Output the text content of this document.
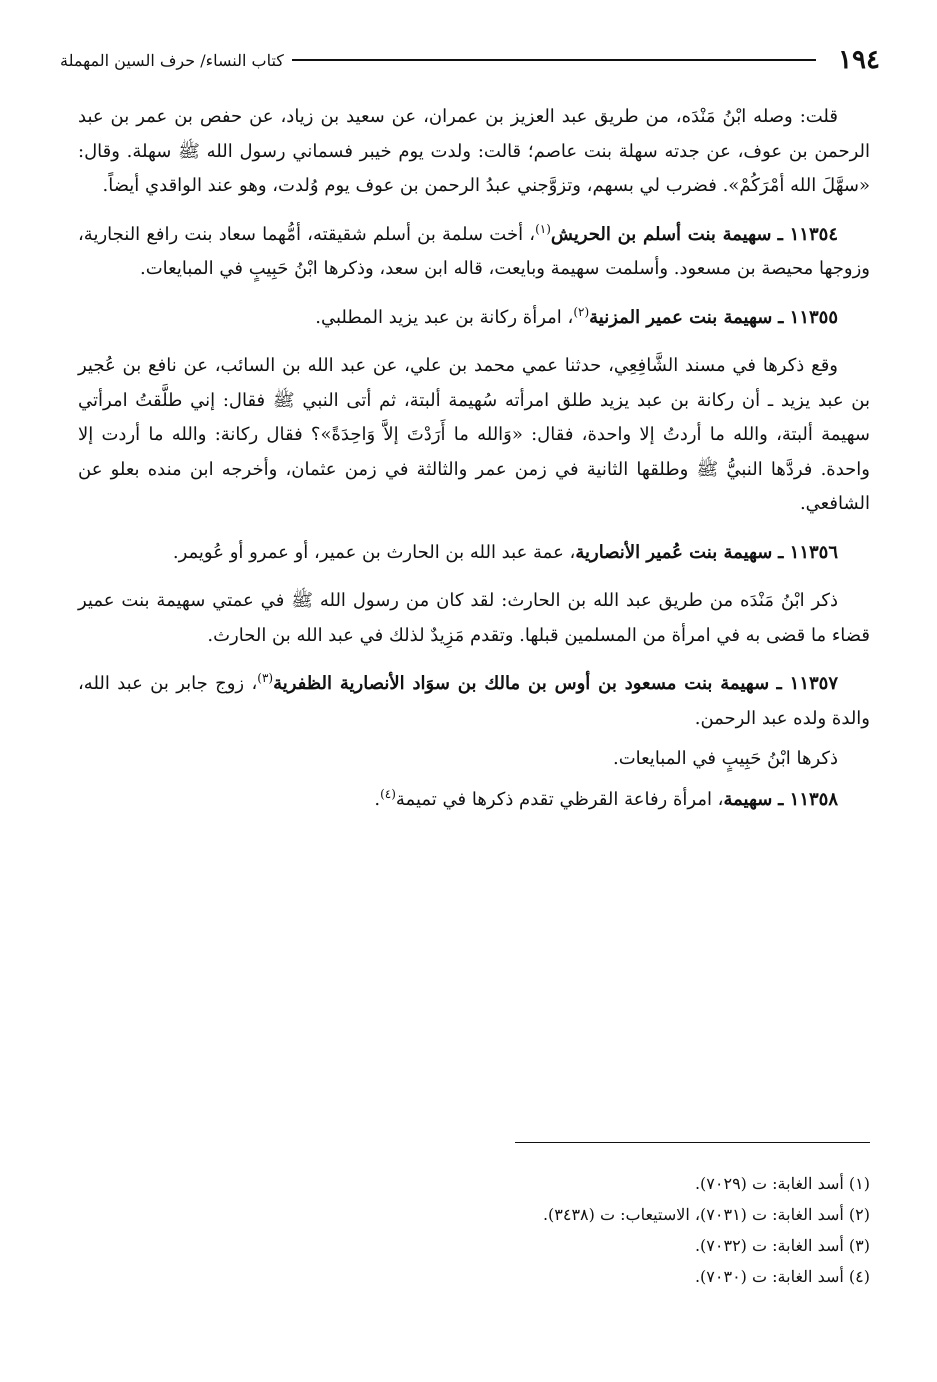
١٩٤
كتاب النساء/ حرف السين المهملة

قلت: وصله ابْنُ مَنْدَه، من طريق عبد العزيز بن عمران، عن سعيد بن زياد، عن حفص بن عمر بن عبد الرحمن بن عوف، عن جدته سهلة بنت عاصم؛ قالت: ولدت يوم خيبر فسماني رسول الله ﷺ سهلة. وقال: «سهَّلَ الله أمْرَكُمْ». فضرب لي بسهم، وتزوَّجني عبدُ الرحمن بن عوف يوم وُلدت، وهو عند الواقدي أيضاً.

١١٣٥٤ ـ سهيمة بنت أسلم بن الحريش$^{(١)}$، أخت سلمة بن أسلم شقيقته، أمُّهما سعاد بنت رافع النجارية، وزوجها محيصة بن مسعود. وأسلمت سهيمة وبايعت، قاله ابن سعد، وذكرها ابْنُ حَبِيبٍ في المبايعات.

١١٣٥٥ ـ سهيمة بنت عمير المزنية$^{(٢)}$، امرأة ركانة بن عبد يزيد المطلبي.

وقع ذكرها في مسند الشَّافِعِي، حدثنا عمي محمد بن علي، عن عبد الله بن السائب، عن نافع بن عُجير بن عبد يزيد ـ أن ركانة بن عبد يزيد طلق امرأته سُهيمة ألبتة، ثم أتى النبي ﷺ فقال: إني طلَّقتُ امرأتي سهيمة ألبتة، والله ما أردتُ إلا واحدة، فقال: «وَالله ما أَرَدْتَ إلاَّ وَاحِدَةً»؟ فقال ركانة: والله ما أردت إلا واحدة. فردَّها النبيُّ ﷺ وطلقها الثانية في زمن عمر والثالثة في زمن عثمان، وأخرجه ابن منده بعلو عن الشافعي.

١١٣٥٦ ـ سهيمة بنت عُمير الأنصارية، عمة عبد الله بن الحارث بن عمير، أو عمرو أو عُويمر.

ذكر ابْنُ مَنْدَه من طريق عبد الله بن الحارث: لقد كان من رسول الله ﷺ في عمتي سهيمة بنت عمير قضاء ما قضى به في امرأة من المسلمين قبلها. وتقدم مَزِيدٌ لذلك في عبد الله بن الحارث.

١١٣٥٧ ـ سهيمة بنت مسعود بن أوس بن مالك بن سوَاد الأنصارية الظفرية$^{(٣)}$، زوج جابر بن عبد الله، والدة ولده عبد الرحمن.

ذكرها ابْنُ حَبِيبٍ في المبايعات.

١١٣٥٨ ـ سهيمة، امرأة رفاعة القرظي تقدم ذكرها في تميمة$^{(٤)}$.

(١) أسد الغابة: ت (٧٠٢٩).

(٢) أسد الغابة: ت (٧٠٣١)، الاستيعاب: ت (٣٤٣٨).

(٣) أسد الغابة: ت (٧٠٣٢).

(٤) أسد الغابة: ت (٧٠٣٠).
